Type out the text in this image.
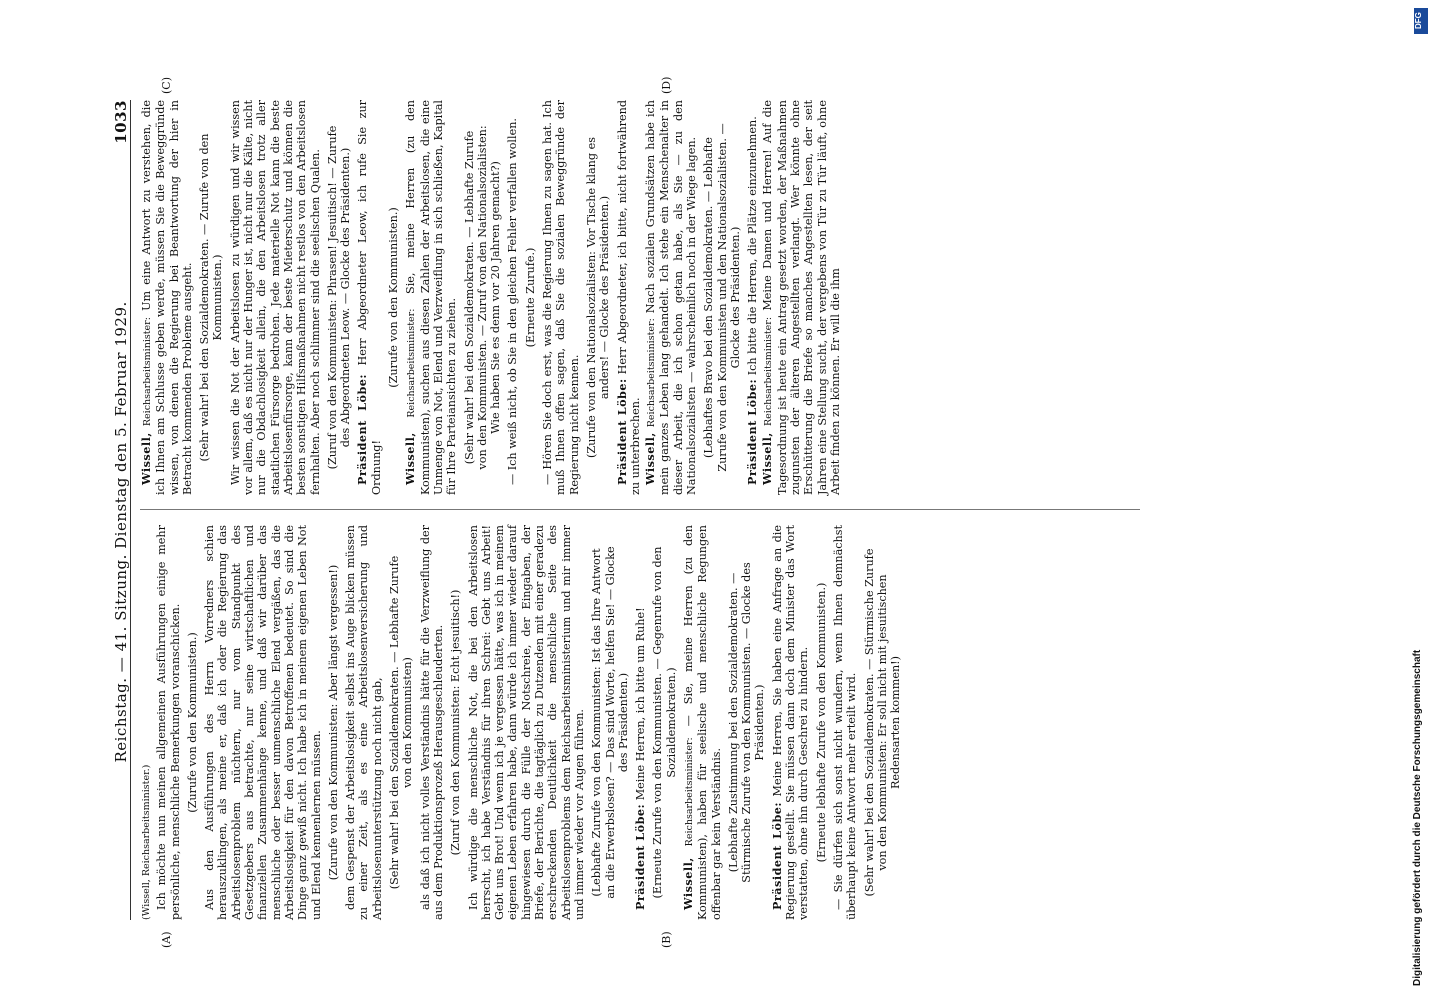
Reichstag. — 41. Sitzung. Dienstag den 5. Februar 1929.
1033

(Wissell, Reichsarbeitsminister.) Ich möchte nun meinen allgemeinen Ausführungen einige mehr persönliche, menschliche Bemerkungen voranschicken. (Zurufe von den Kommunisten.) Aus den Ausführungen des Herrn Vorredners schien herauszuklingen, als meine er, daß ich oder die Regierung das Arbeitslosenproblem nüchtern, nur vom Standpunkt des Gesetzgebers aus betrachte, nur seine wirtschaftlichen und finanziellen Zusammenhänge kenne, und daß wir darüber das menschliche oder besser unmenschliche Elend vergäßen, das die Arbeitslosigkeit für den davon Betroffenen bedeutet. So sind die Dinge ganz gewiß nicht. Ich habe ich in meinem eigenen Leben Not und Elend kennenlernen müssen. (Zurufe von den Kommunisten: Aber längst vergessen!) dem Gespenst der Arbeitslosigkeit selbst ins Auge blicken müssen zu einer Zeit, als es eine Arbeitslosenversicherung und Arbeitslosenunterstützung noch nicht gab, (Sehr wahr! bei den Sozialdemokraten. — Lebhafte Zurufe von den Kommunisten) als daß ich nicht volles Verständnis hätte für die Verzweiflung der aus dem Produktionsprozeß Herausgeschleuderten. (Zuruf von den Kommunisten: Echt jesuitisch!) Ich würdige die menschliche Not, die bei den Arbeitslosen herrscht, ich habe Verständnis für ihren Schrei: Gebt uns Arbeit! Gebt uns Brot! Und wenn ich je vergessen hätte, was ich in meinem eigenen Leben erfahren habe, dann würde ich immer wieder darauf hingewiesen durch die Fülle der Notschreie, der Eingaben, der Briefe, der Berichte, die tagtäglich zu Dutzenden mit einer geradezu erschreckenden Deutlichkeit die menschliche Seite des Arbeitslosenproblems dem Reichsarbeitsministerium und mir immer und immer wieder vor Augen führen. (Lebhafte Zurufe von den Kommunisten: Ist das Ihre Antwort an die Erwerbslosen? — Das sind Worte, helfen Sie! — Glocke des Präsidenten.)

Präsident Löbe: Meine Herren, ich bitte um Ruhe! (Erneute Zurufe von den Kommunisten. — Gegenrufe von den Sozialdemokraten.)

Wissell, Reichsarbeitsminister: — Sie, meine Herren (zu den Kommunisten), haben für seelische und menschliche Regungen offenbar gar kein Verständnis. (Lebhafte Zustimmung bei den Sozialdemokraten. — Stürmische Zurufe von den Kommunisten. — Glocke des Präsidenten.)

Präsident Löbe: Meine Herren, Sie haben eine Anfrage an die Regierung gestellt. Sie müssen dann doch dem Minister das Wort verstatten, ohne ihn durch Geschrei zu hindern. (Erneute lebhafte Zurufe von den Kommunisten.) — Sie dürfen sich sonst nicht wundern, wenn Ihnen demnächst überhaupt keine Antwort mehr erteilt wird. (Sehr wahr! bei den Sozialdemokraten. — Stürmische Zurufe von den Kommunisten: Er soll nicht mit jesuitischen Redensarten kommen!)

Wissell, Reichsarbeitsminister: Um eine Antwort zu verstehen, die ich Ihnen am Schlusse geben werde, müssen Sie die Beweggründe wissen, von denen die Regierung bei Beantwortung der hier in Betracht kommenden Probleme ausgeht. (Sehr wahr! bei den Sozialdemokraten. — Zurufe von den Kommunisten.) Wir wissen die Not der Arbeitslosen zu würdigen und wir wissen vor allem, daß es nicht nur der Hunger ist, nicht nur die Kälte, nicht nur die Obdachlosigkeit allein, die den Arbeitslosen trotz aller staatlichen Fürsorge bedrohen. Jede materielle Not kann die beste Arbeitslosenfürsorge, kann der beste Mieterschutz und können die besten sonstigen Hilfsmaßnahmen nicht restlos von den Arbeitslosen fernhalten. Aber noch schlimmer sind die seelischen Qualen. (Zuruf von den Kommunisten: Phrasen! Jesuitisch! — Zurufe des Abgeordneten Leow. — Glocke des Präsidenten.) Präsident Löbe: Herr Abgeordneter Leow, ich rufe Sie zur Ordnung!

(Zurufe von den Kommunisten.)

Wissell, Reichsarbeitsminister: Sie, meine Herren (zu den Kommunisten), suchen aus diesen Zahlen der Arbeitslosen, die eine Unmenge von Not, Elend und Verzweiflung in sich schließen, Kapital für Ihre Parteiansichten zu ziehen. (Sehr wahr! bei den Sozialdemokraten. — Lebhafte Zurufe von den Kommunisten. — Zuruf von den Nationalsozialisten: Wie haben Sie es denn vor 20 Jahren gemacht?) — Ich weiß nicht, ob Sie in den gleichen Fehler verfallen wollen. (Erneute Zurufe.) — Hören Sie doch erst, was die Regierung Ihnen zu sagen hat. Ich muß Ihnen offen sagen, daß Sie die sozialen Beweggründe der Regierung nicht kennen. (Zurufe von den Nationalsozialisten: Vor Tische klang es anders! — Glocke des Präsidenten.)

Präsident Löbe: Herr Abgeordneter, ich bitte, nicht fortwährend zu unterbrechen. Wissell, Reichsarbeitsminister: Nach sozialen Grundsätzen habe ich mein ganzes Leben lang gehandelt. Ich stehe ein Menschenalter in dieser Arbeit, die ich schon getan habe, als Sie — zu den Nationalsozialisten — wahrscheinlich noch in der Wiege lagen. (Lebhaftes Bravo bei den Sozialdemokraten. — Lebhafte Zurufe von den Kommunisten und den Nationalsozialisten. — Glocke des Präsidenten.)

Präsident Löbe: Ich bitte die Herren, die Plätze einzunehmen.

Wissell, Reichsarbeitsminister: Meine Damen und Herren! Auf die Tagesordnung ist heute ein Antrag gesetzt worden, der Maßnahmen zugunsten der älteren Angestellten verlangt. Wer könnte ohne Erschütterung die Briefe so manches Angestellten lesen, der seit Jahren eine Stellung sucht, der vergebens von Tür zu Tür läuft, ohne Arbeit finden zu können. Er will die ihm

(A)	(B)
(C)	(D)
Digitalisierung gefördert durch die Deutsche Forschungsgemeinschaft
DFG
